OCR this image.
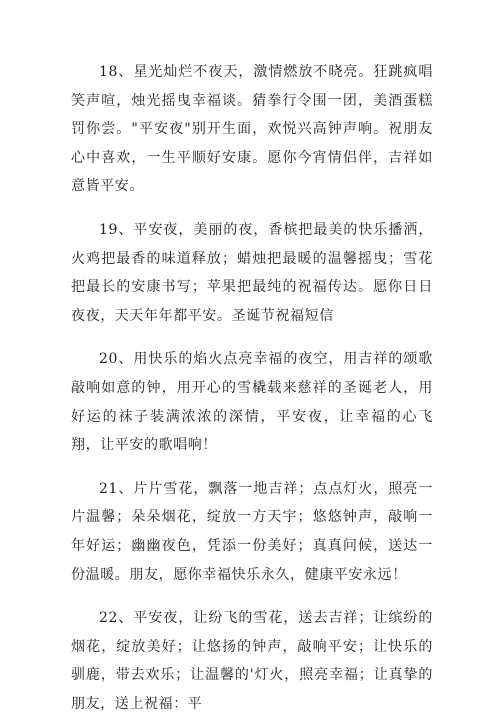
18、星光灿烂不夜天，激情燃放不晓亮。狂跳疯唱笑声喧，烛光摇曳幸福谈。猜拳行令围一团，美酒蛋糕罚你尝。"平安夜"别开生面，欢悦兴高钟声响。祝朋友心中喜欢，一生平顺好安康。愿你今宵情侣伴，吉祥如意皆平安。

19、平安夜，美丽的夜，香槟把最美的快乐播洒，火鸡把最香的味道释放；蜡烛把最暖的温馨摇曳；雪花把最长的安康书写；苹果把最纯的祝福传达。愿你日日夜夜，天天年年都平安。圣诞节祝福短信

20、用快乐的焰火点亮幸福的夜空，用吉祥的颂歌敲响如意的钟，用开心的雪橇载来慈祥的圣诞老人，用好运的袜子装满浓浓的深情，平安夜，让幸福的心飞翔，让平安的歌唱响！

21、片片雪花，飘落一地吉祥；点点灯火，照亮一片温馨；朵朵烟花，绽放一方天宇；悠悠钟声，敲响一年好运；幽幽夜色，凭添一份美好；真真问候，送达一份温暖。朋友，愿你幸福快乐永久，健康平安永远！

22、平安夜，让纷飞的雪花，送去吉祥；让缤纷的烟花，绽放美好；让悠扬的钟声，敲响平安；让快乐的驯鹿，带去欢乐；让温馨的'灯火，照亮幸福；让真挚的朋友，送上祝福：平
